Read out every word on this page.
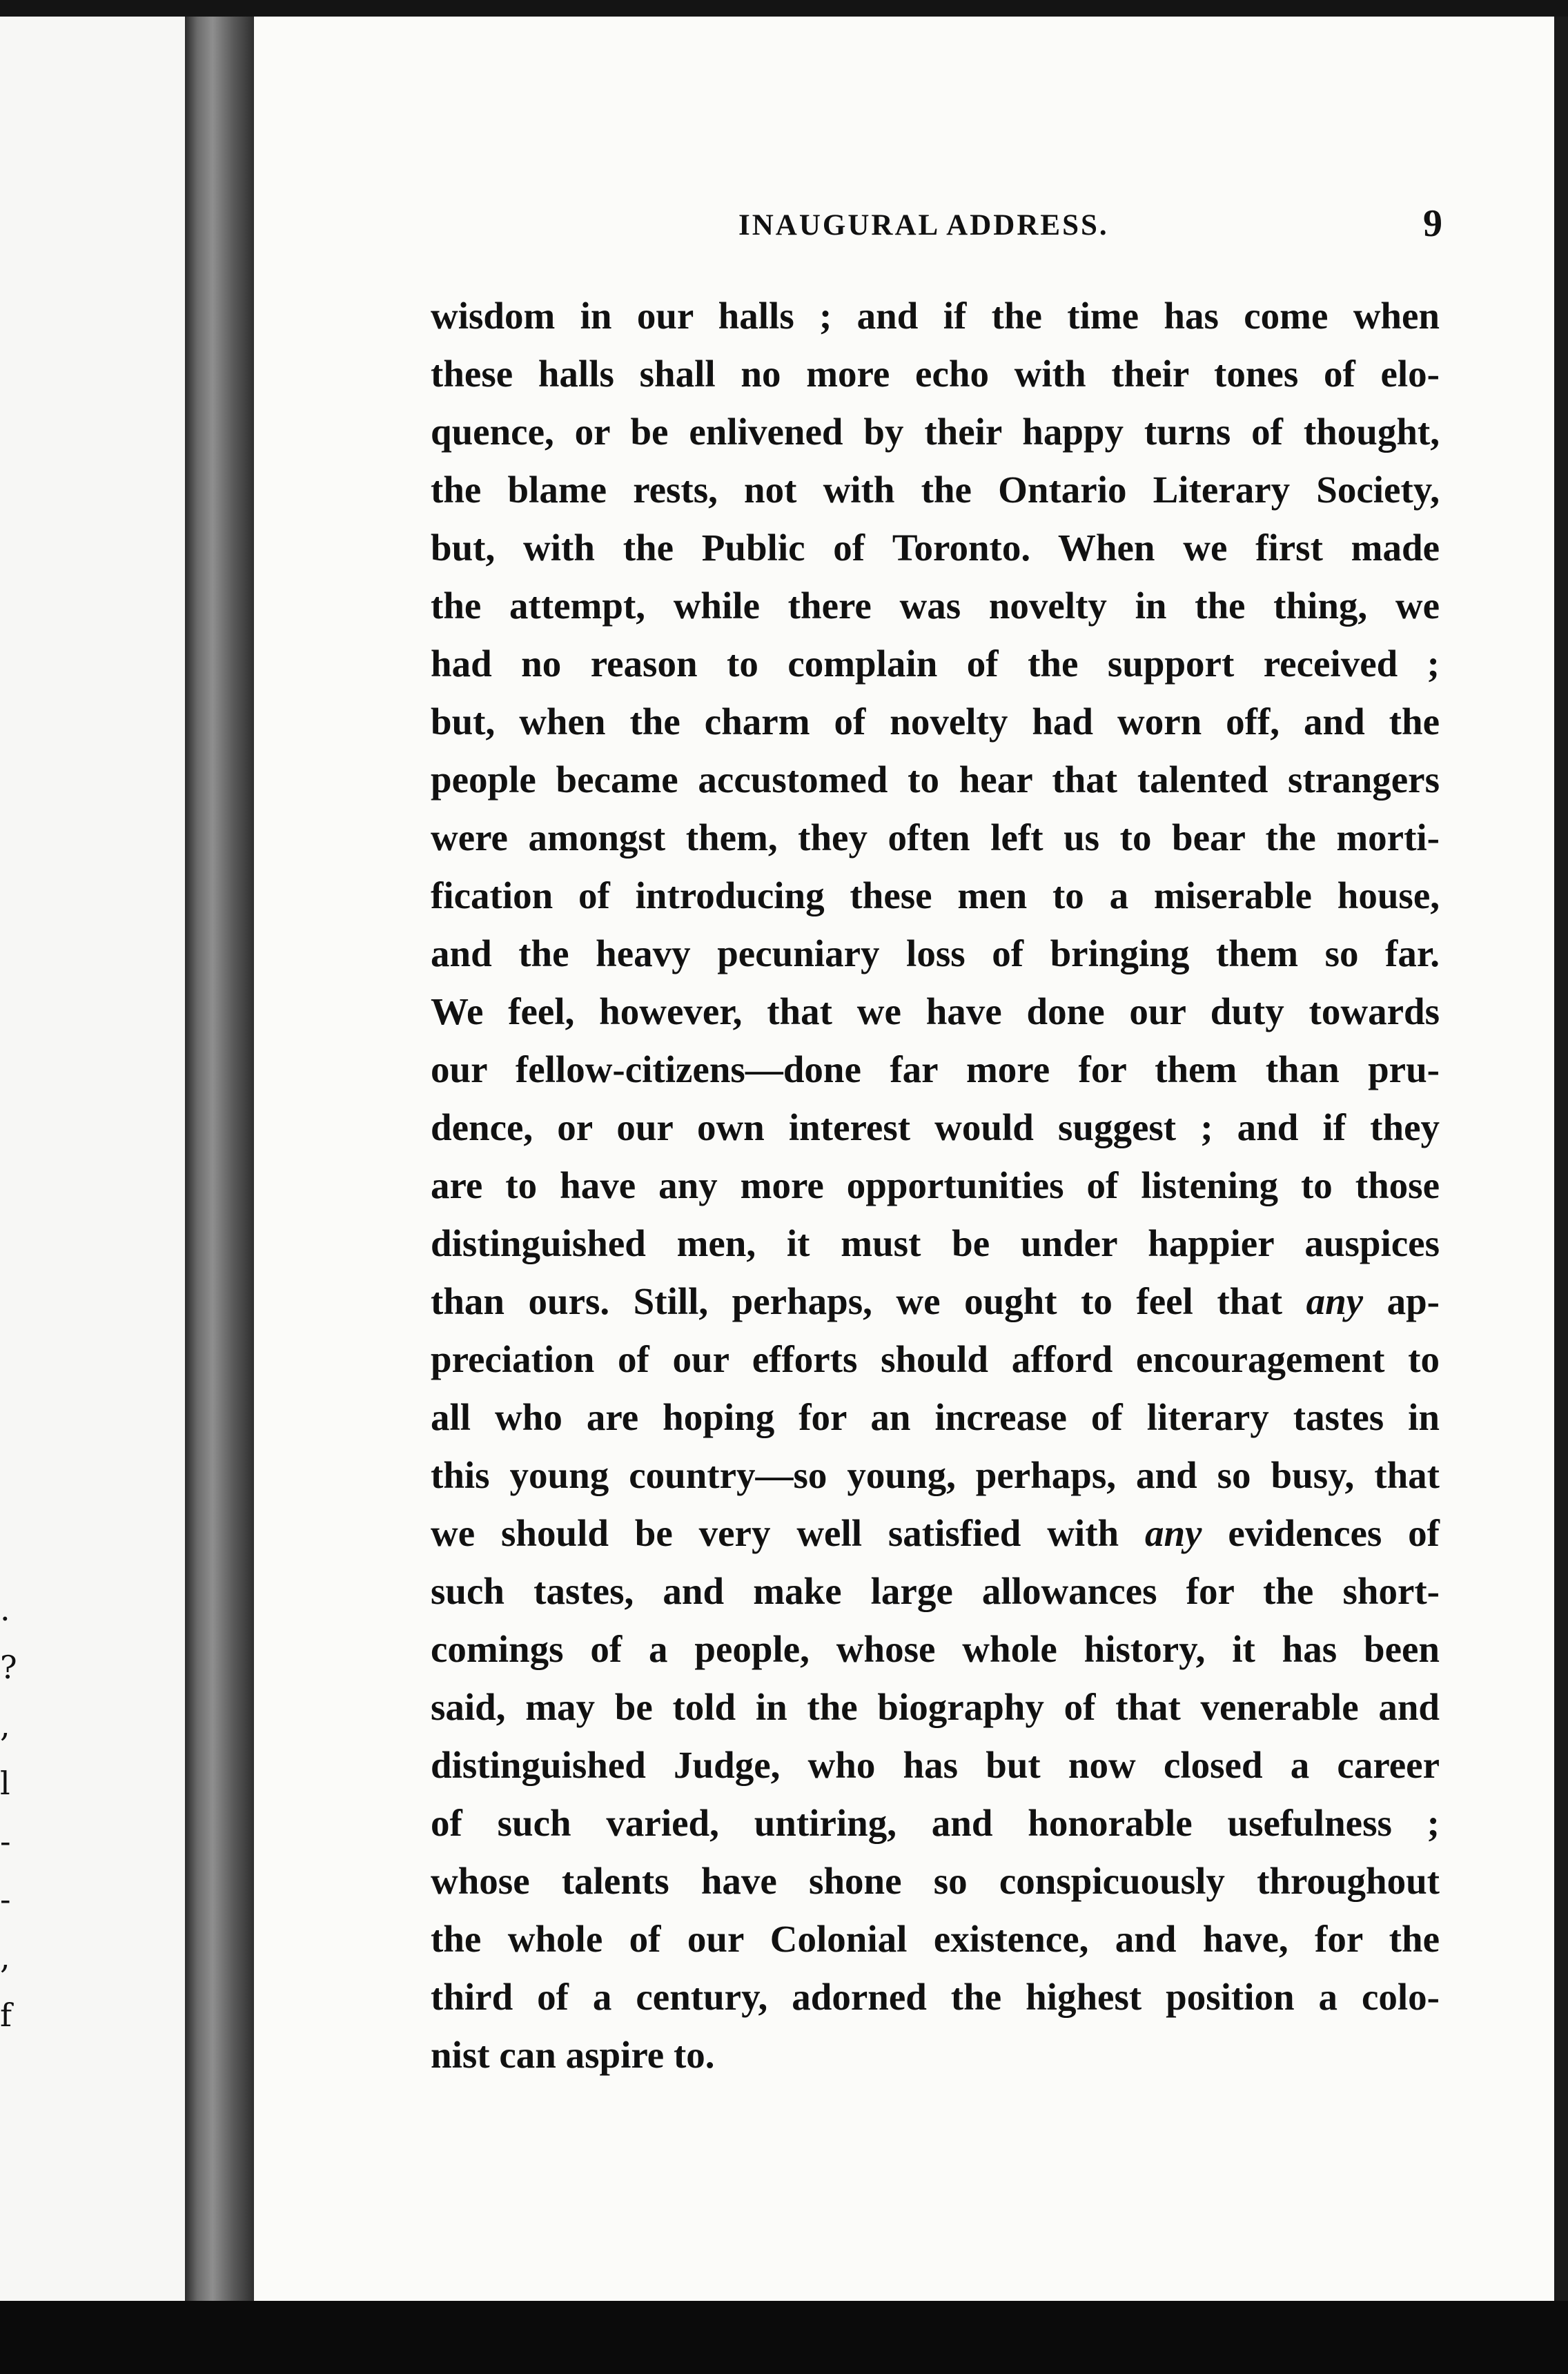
.
?
,
l
-
-
,
f
INAUGURAL ADDRESS.	9
wisdom in our halls ; and if the time has come when
these halls shall no more echo with their tones of elo-
quence, or be enlivened by their happy turns of thought,
the blame rests, not with the Ontario Literary Society,
but, with the Public of Toronto. When we first made
the attempt, while there was novelty in the thing, we
had no reason to complain of the support received ;
but, when the charm of novelty had worn off, and the
people became accustomed to hear that talented strangers
were amongst them, they often left us to bear the morti-
fication of introducing these men to a miserable house,
and the heavy pecuniary loss of bringing them so far.
We feel, however, that we have done our duty towards
our fellow-citizens—done far more for them than pru-
dence, or our own interest would suggest ; and if they
are to have any more opportunities of listening to those
distinguished men, it must be under happier auspices
than ours. Still, perhaps, we ought to feel that any ap-
preciation of our efforts should afford encouragement to
all who are hoping for an increase of literary tastes in
this young country—so young, perhaps, and so busy, that
we should be very well satisfied with any evidences of
such tastes, and make large allowances for the short-
comings of a people, whose whole history, it has been
said, may be told in the biography of that venerable and
distinguished Judge, who has but now closed a career
of such varied, untiring, and honorable usefulness ;
whose talents have shone so conspicuously throughout
the whole of our Colonial existence, and have, for the
third of a century, adorned the highest position a colo-
nist can aspire to.
